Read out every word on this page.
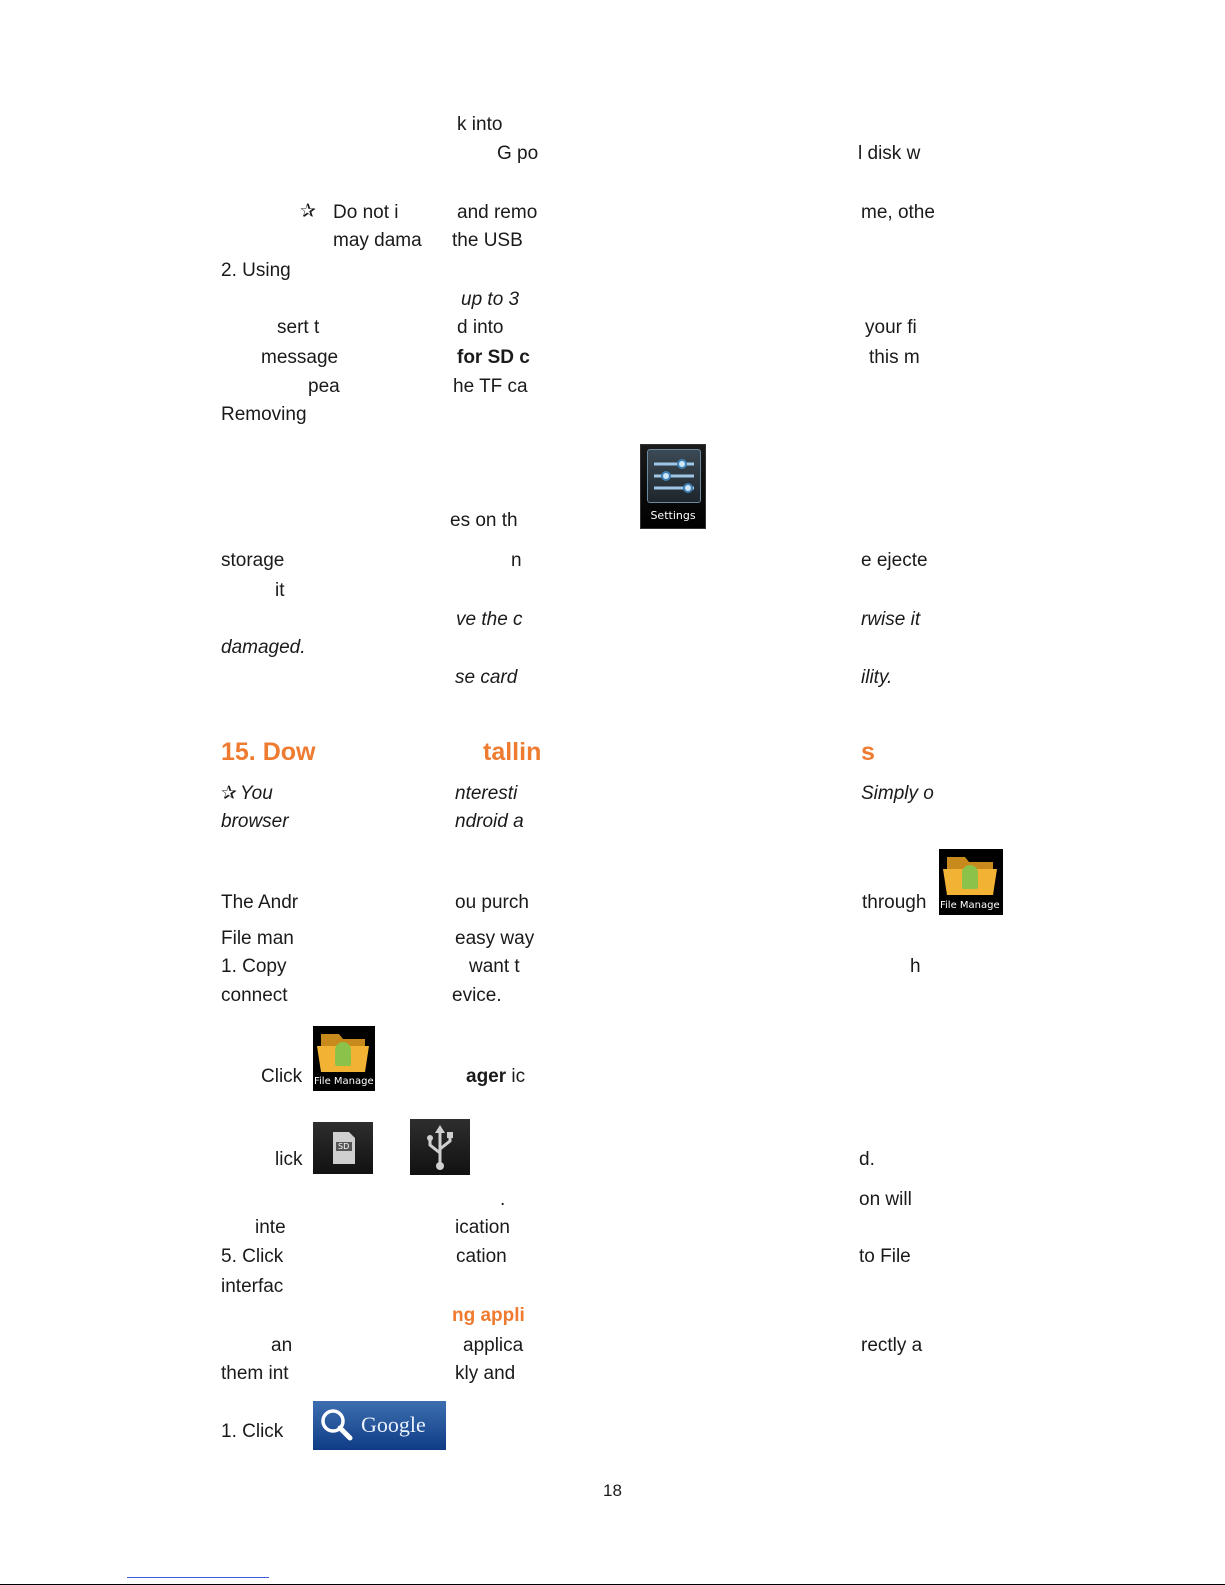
k into
G po	l disk w
✰ Do not i	and remo	me, othe
may dama the USB
2. Using
up to 3
sert t	d into	your fi
message	for SD c	this m
pea	he TF ca
Removing
Settings
es on th
storage	n	e ejecte
it
ve the c	rwise it
damaged.
se card	ility.
15. Dow	tallin	s
✰ You	nteresti	Simply o
browser	ndroid a
The Andr	ou purch	through File Manage
File man	easy way
1. Copy	want t	h
connect	evice.
File Manage
Click	ager ic
SD
lick	d.
.	on will
inte	ication
5. Click	cation	to File
interfac
ng appli
an	applica	rectly a
them int	kly and
1. Click	Google
18
